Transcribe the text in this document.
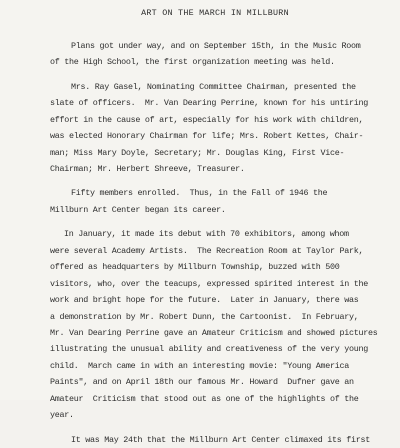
ART ON THE MARCH IN MILLBURN
Plans got under way, and on September 15th, in the Music Room
of the High School, the first organization meeting was held.
Mrs. Ray Gasel, Nominating Committee Chairman, presented the
slate of officers.  Mr. Van Dearing Perrine, known for his untiring
effort in the cause of art, especially for his work with children,
was elected Honorary Chairman for life; Mrs. Robert Kettes, Chair-
man; Miss Mary Doyle, Secretary; Mr. Douglas King, First Vice-
Chairman; Mr. Herbert Shreeve, Treasurer.
Fifty members enrolled.  Thus, in the Fall of 1946 the
Millburn Art Center began its career.
In January, it made its debut with 70 exhibitors, among whom
were several Academy Artists.  The Recreation Room at Taylor Park,
offered as headquarters by Millburn Township, buzzed with 500
visitors, who, over the teacups, expressed spirited interest in the
work and bright hope for the future.  Later in January, there was
a demonstration by Mr. Robert Dunn, the Cartoonist.  In February,
Mr. Van Dearing Perrine gave an Amateur Criticism and showed pictures
illustrating the unusual ability and creativeness of the very young
child.  March came in with an interesting movie: "Young America
Paints", and on April 18th our famous Mr. Howard  Dufner gave an
Amateur  Criticism that stood out as one of the highlights of the
year.
It was May 24th that the Millburn Art Center climaxed its first
